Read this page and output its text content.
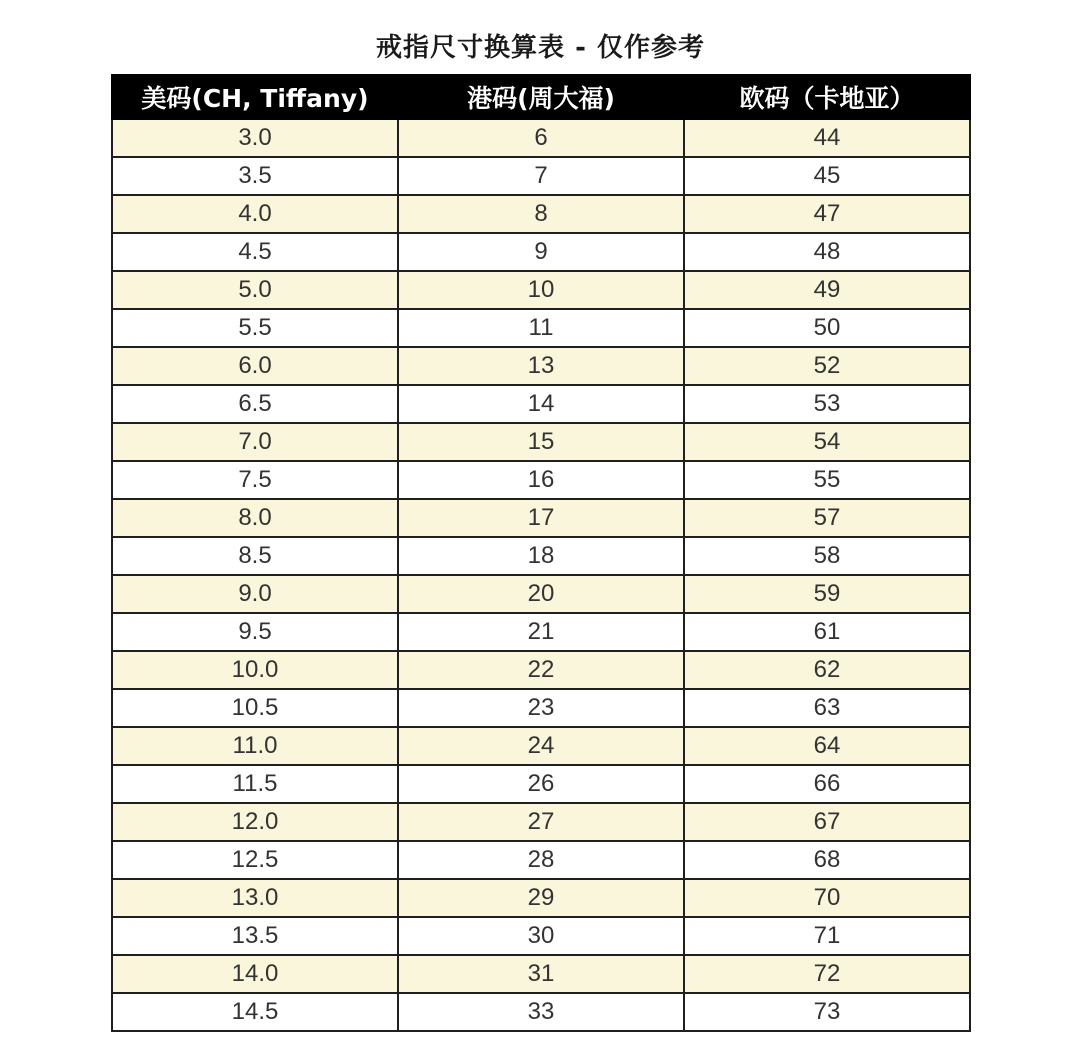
戒指尺寸换算表 - 仅作参考
美码(CH, Tiffany)	港码(周大福)	欧码（卡地亚）
3.0	6	44
3.5	7	45
4.0	8	47
4.5	9	48
5.0	10	49
5.5	11	50
6.0	13	52
6.5	14	53
7.0	15	54
7.5	16	55
8.0	17	57
8.5	18	58
9.0	20	59
9.5	21	61
10.0	22	62
10.5	23	63
11.0	24	64
11.5	26	66
12.0	27	67
12.5	28	68
13.0	29	70
13.5	30	71
14.0	31	72
14.5	33	73
